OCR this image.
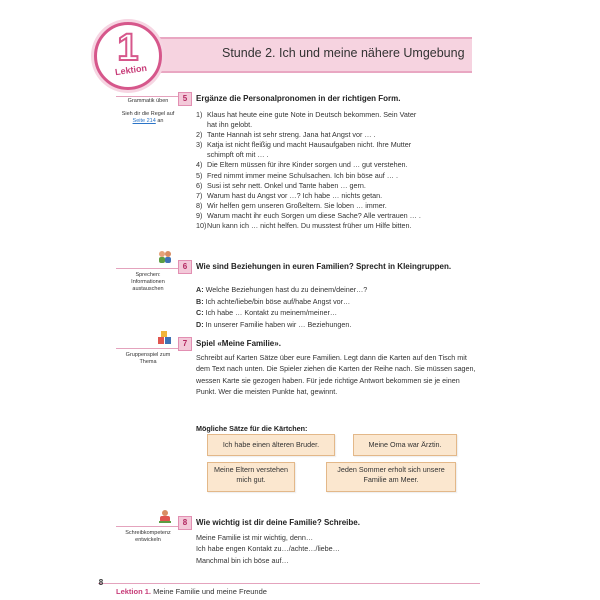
Stunde 2. Ich und meine nähere Umgebung
1
Lektion
Grammatik üben
Sieh dir die Regel auf Seite 214 an
5	Ergänze die Personalpronomen in der richtigen Form.
1) Klaus hat heute eine gute Note in Deutsch bekommen. Sein Vater
hat ihn gelobt.
2) Tante Hannah ist sehr streng. Jana hat Angst vor … .
3) Katja ist nicht fleißig und macht Hausaufgaben nicht. Ihre Mutter
schimpft oft mit … .
4) Die Eltern müssen für ihre Kinder sorgen und … gut verstehen.
5) Fred nimmt immer meine Schulsachen. Ich bin böse auf … .
6) Susi ist sehr nett. Onkel und Tante haben … gern.
7) Warum hast du Angst vor …? Ich habe … nichts getan.
8) Wir helfen gern unseren Großeltern. Sie loben … immer.
9) Warum macht ihr euch Sorgen um diese Sache? Alle vertrauen … .
10)Nun kann ich … nicht helfen. Du musstest früher um Hilfe bitten.
Sprechen: Informationen austauschen
6	Wie sind Beziehungen in euren Familien? Sprecht in Kleingruppen.
A: Welche Beziehungen hast du zu deinem/deiner…?
B: Ich achte/liebe/bin böse auf/habe Angst vor…
C: Ich habe … Kontakt zu meinem/meiner…
D: In unserer Familie haben wir … Beziehungen.
Gruppenspiel zum Thema
7	Spiel «Meine Familie».
Schreibt auf Karten Sätze über eure Familien. Legt dann die Karten auf den Tisch mit dem Text nach unten. Die Spieler ziehen die Karten der Reihe nach. Sie müssen sagen, wessen Karte sie gezogen haben. Für jede richtige Antwort bekommen sie je einen Punkt. Wer die meisten Punkte hat, gewinnt.
Mögliche Sätze für die Kärtchen:
Ich habe einen älteren Bruder.	Meine Oma war Ärztin.
Meine Eltern verstehen mich gut.
Jeden Sommer erholt sich unsere Familie am Meer.
Schreibkompetenz entwickeln
8	Wie wichtig ist dir deine Familie? Schreibe.
Meine Familie ist mir wichtig, denn…
Ich habe engen Kontakt zu…/achte…/liebe…
Manchmal bin ich böse auf…
8
Lektion 1. Meine Familie und meine Freunde
